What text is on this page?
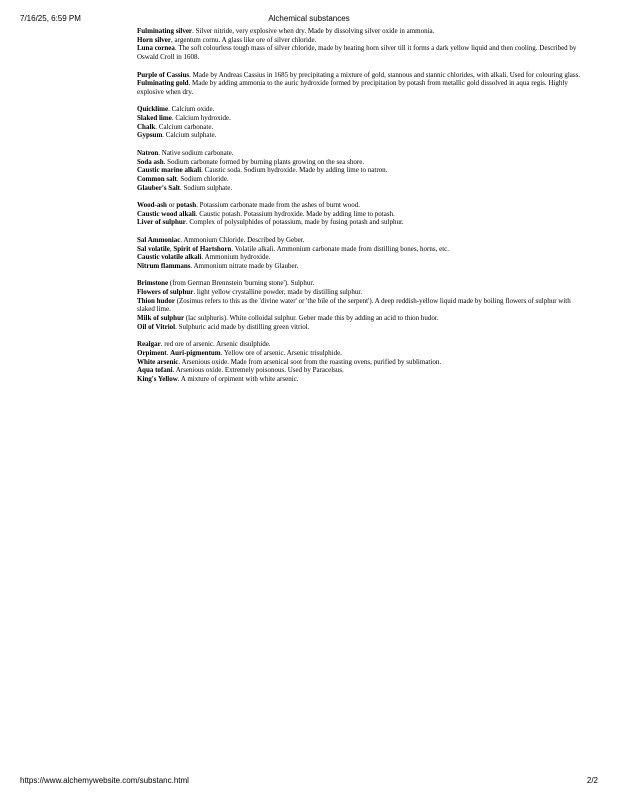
7/16/25, 6:59 PM	Alchemical substances
Fulminating silver. Silver nitride, very explosive when dry. Made by dissolving silver oxide in ammonia.
Horn silver, argentum cornu. A glass like ore of silver chloride.
Luna cornea. The soft colourless tough mass of silver chloride, made by heating horn silver till it forms a dark yellow liquid and then cooling. Described by Oswald Croll in 1608.
Purple of Cassius. Made by Andreas Cassius in 1685 by precipitating a mixture of gold, stannous and stannic chlorides, with alkali. Used for colouring glass.
Fulminating gold. Made by adding ammonia to the auric hydroxide formed by precipitation by potash from metallic gold dissolved in aqua regis. Highly explosive when dry.
Quicklime. Calcium oxide.
Slaked lime. Calcium hydroxide.
Chalk. Calcium carbonate.
Gypsum. Calcium sulphate.
Natron. Native sodium carbonate.
Soda ash. Sodium carbonate formed by burning plants growing on the sea shore.
Caustic marine alkali. Caustic soda. Sodium hydroxide. Made by adding lime to natron.
Common salt. Sodium chloride.
Glauber's Salt. Sodium sulphate.
Wood-ash or potash. Potassium carbonate made from the ashes of burnt wood.
Caustic wood alkali. Caustic potash. Potassium hydroxide. Made by adding lime to potash.
Liver of sulphur. Complex of polysulphides of potassium, made by fusing potash and sulphur.
Sal Ammoniac. Ammonium Chloride. Described by Geber.
Sal volatile, Spirit of Hartshorn. Volatile alkali. Ammonium carbonate made from distilling bones, horns, etc.
Caustic volatile alkali. Ammonium hydroxide.
Nitrum flammans. Ammonium nitrate made by Glauber.
Brimstone (from German Brennstein 'burning stone'). Sulphur.
Flowers of sulphur. light yellow crystalline powder, made by distilling sulphur.
Thion hudor (Zosimus refers to this as the 'divine water' or 'the bile of the serpent'). A deep reddish-yellow liquid made by boiling flowers of sulphur with slaked lime.
Milk of sulphur (lac sulphuris). White colloidal sulphur. Geber made this by adding an acid to thion hudor.
Oil of Vitriol. Sulphuric acid made by distilling green vitriol.
Realgar. red ore of arsenic. Arsenic disulphide.
Orpiment. Auri-pigmentum. Yellow ore of arsenic. Arsenic trisulphide.
White arsenic. Arsenious oxide. Made from arsenical soot from the roasting ovens, purified by sublimation.
Aqua tofani. Arsenious oxide. Extremely poisonous. Used by Paracelsus.
King's Yellow. A mixture of orpiment with white arsenic.
https://www.alchemywebsite.com/substanc.html	2/2
